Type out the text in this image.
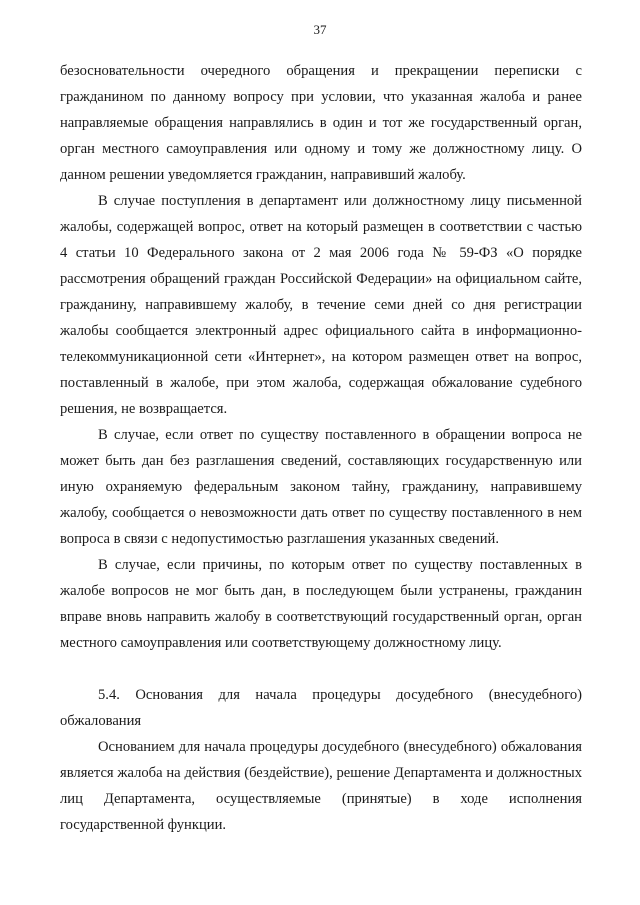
37

безосновательности очередного обращения и прекращении переписки с гражданином по данному вопросу при условии, что указанная жалоба и ранее направляемые обращения направлялись в один и тот же государственный орган, орган местного самоуправления или одному и тому же должностному лицу. О данном решении уведомляется гражданин, направивший жалобу.

В случае поступления в департамент или должностному лицу письменной жалобы, содержащей вопрос, ответ на который размещен в соответствии с частью 4 статьи 10 Федерального закона от 2 мая 2006 года № 59-ФЗ «О порядке рассмотрения обращений граждан Российской Федерации» на официальном сайте, гражданину, направившему жалобу, в течение семи дней со дня регистрации жалобы сообщается электронный адрес официального сайта в информационно-телекоммуникационной сети «Интернет», на котором размещен ответ на вопрос, поставленный в жалобе, при этом жалоба, содержащая обжалование судебного решения, не возвращается.

В случае, если ответ по существу поставленного в обращении вопроса не может быть дан без разглашения сведений, составляющих государственную или иную охраняемую федеральным законом тайну, гражданину, направившему жалобу, сообщается о невозможности дать ответ по существу поставленного в нем вопроса в связи с недопустимостью разглашения указанных сведений.

В случае, если причины, по которым ответ по существу поставленных в жалобе вопросов не мог быть дан, в последующем были устранены, гражданин вправе вновь направить жалобу в соответствующий государственный орган, орган местного самоуправления или соответствующему должностному лицу.

5.4. Основания для начала процедуры досудебного (внесудебного) обжалования

Основанием для начала процедуры досудебного (внесудебного) обжалования является жалоба на действия (бездействие), решение Департамента и должностных лиц Департамента, осуществляемые (принятые) в ходе исполнения государственной функции.
